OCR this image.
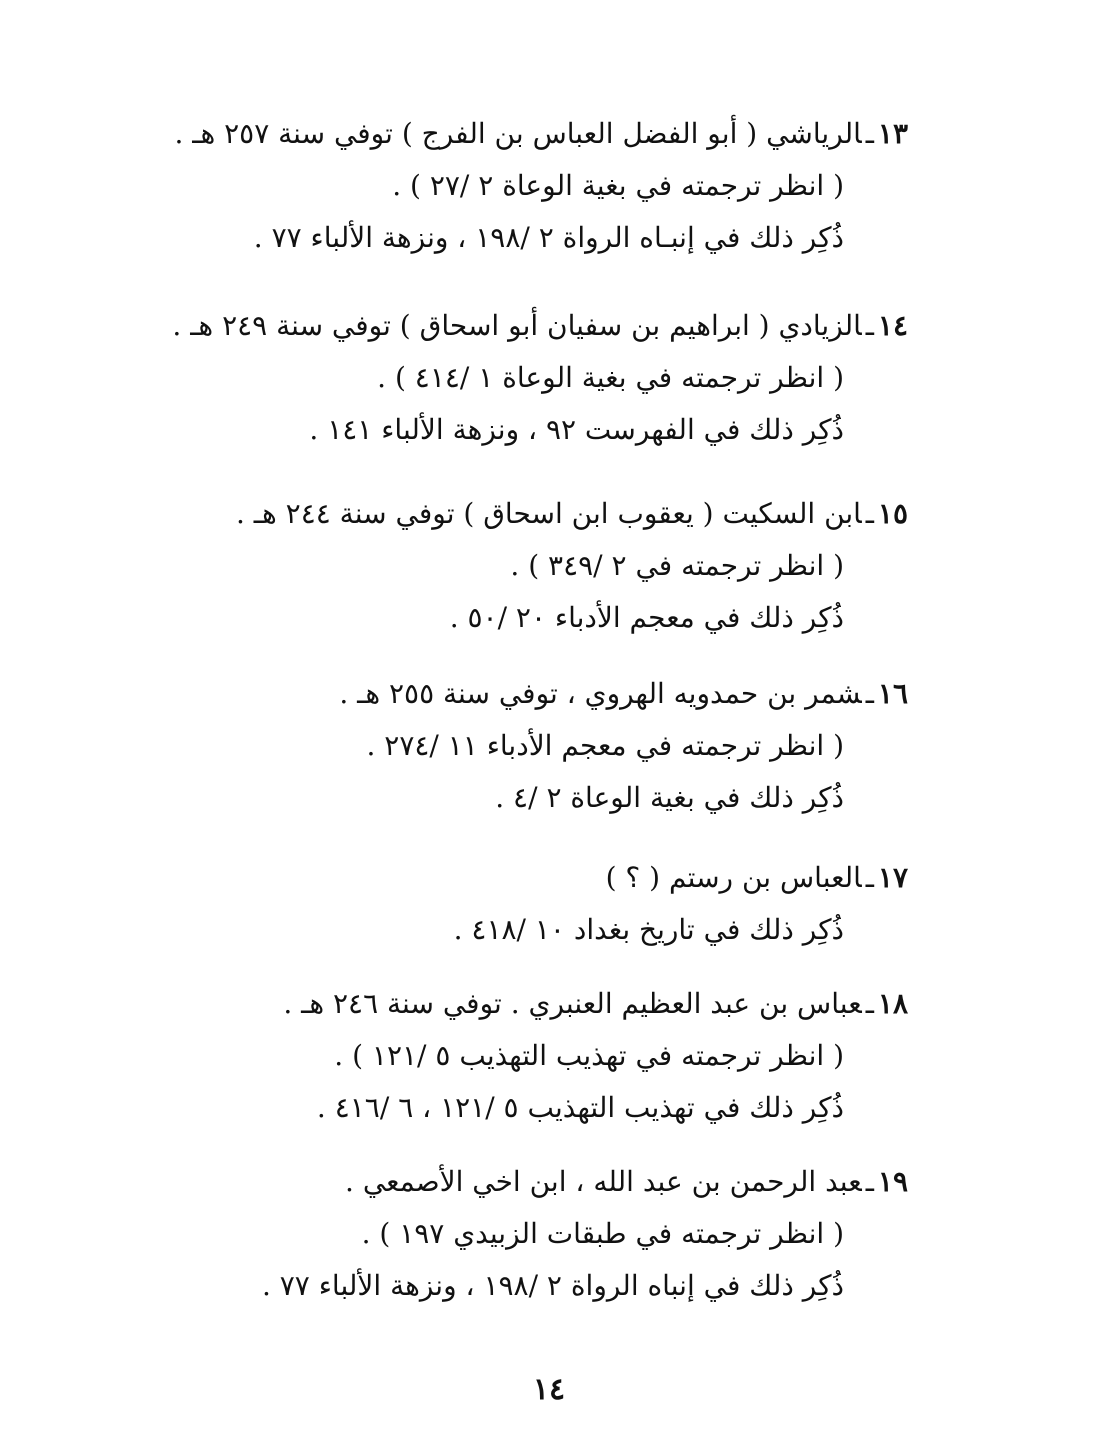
١٣ـالرياشي ( أبو الفضل العباس بن الفرج ) توفي سنة ٢٥٧ هـ .
( انظر ترجمته في بغية الوعاة ٢ /٢٧ ) .
ذُكِر ذلك في إنبـاه الرواة ٢ /١٩٨ ، ونزهة الألباء ٧٧ .
١٤ـالزيادي ( ابراهيم بن سفيان أبو اسحاق ) توفي سنة ٢٤٩ هـ .
( انظر ترجمته في بغية الوعاة ١ /٤١٤ ) .
ذُكِر ذلك في الفهرست ٩٢ ، ونزهة الألباء ١٤١ .
١٥ـابن السكيت ( يعقوب ابن اسحاق ) توفي سنة ٢٤٤ هـ .
( انظر ترجمته في ٢ /٣٤٩ ) .
ذُكِر ذلك في معجم الأدباء ٢٠ /٥٠ .
١٦ـشمر بن حمدويه الهروي ، توفي سنة ٢٥٥ هـ .
( انظر ترجمته في معجم الأدباء ١١ /٢٧٤ .
ذُكِر ذلك في بغية الوعاة ٢ /٤ .
١٧ـالعباس بن رستم ( ؟ )
ذُكِر ذلك في تاريخ بغداد ١٠ /٤١٨ .
١٨ـعباس بن عبد العظيم العنبري . توفي سنة ٢٤٦ هـ .
( انظر ترجمته في تهذيب التهذيب ٥ /١٢١ ) .
ذُكِر ذلك في تهذيب التهذيب ٥ /١٢١ ، ٦ /٤١٦ .
١٩ـعبد الرحمن بن عبد الله ، ابن اخي الأصمعي .
( انظر ترجمته في طبقات الزبيدي ١٩٧ ) .
ذُكِر ذلك في إنباه الرواة ٢ /١٩٨ ، ونزهة الألباء ٧٧ .
١٤
